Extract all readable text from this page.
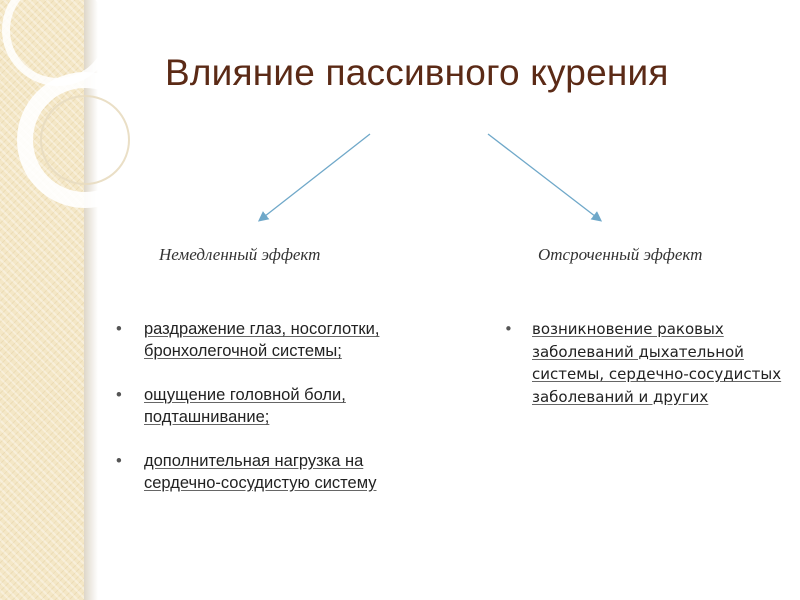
Влияние пассивного курения
Немедленный эффект	Отсроченный эффект
• раздражение глаз, носоглотки, бронхолегочной системы;
• ощущение головной боли, подташнивание;
• дополнительная нагрузка на сердечно-сосудистую систему
• возникновение раковых заболеваний дыхательной системы, сердечно-сосудистых заболеваний и других
